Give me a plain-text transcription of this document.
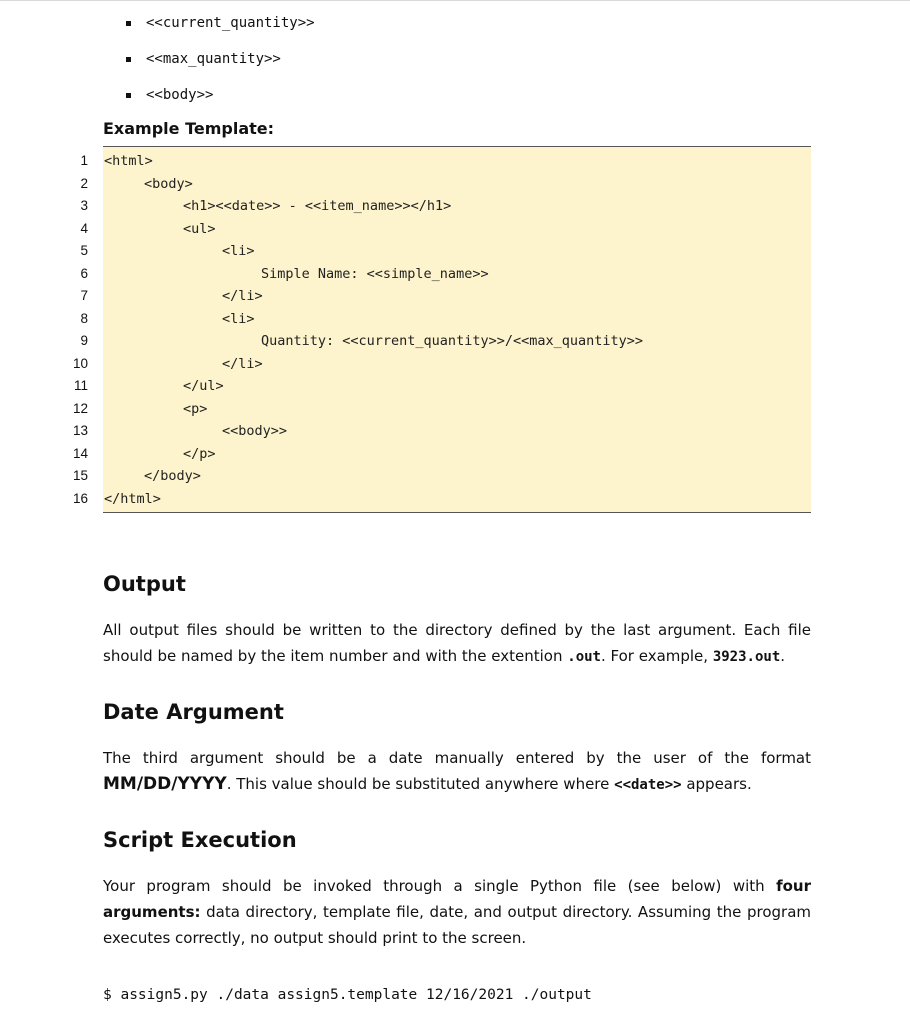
<<current_quantity>>
<<max_quantity>>
<<body>>
Example Template:
1 <html>
2	<body>
3	<h1><<date>> - <<item_name>></h1>
4	<ul>
5	<li>
6	Simple Name: <<simple_name>>
7	</li>
8	<li>
9	Quantity: <<current_quantity>>/<<max_quantity>>
10	</li>
11	</ul>
12	<p>
13	<<body>>
14	</p>
15	</body>
16 </html>
Output
All output files should be written to the directory defined by the last argument. Each file should be named by the item number and with the extention .out. For example, 3923.out.
Date Argument
The third argument should be a date manually entered by the user of the format MM/DD/YYYY. This value should be substituted anywhere where <<date>> appears.
Script Execution
Your program should be invoked through a single Python file (see below) with four arguments: data directory, template file, date, and output directory. Assuming the program executes correctly, no output should print to the screen.
$ assign5.py ./data assign5.template 12/16/2021 ./output
